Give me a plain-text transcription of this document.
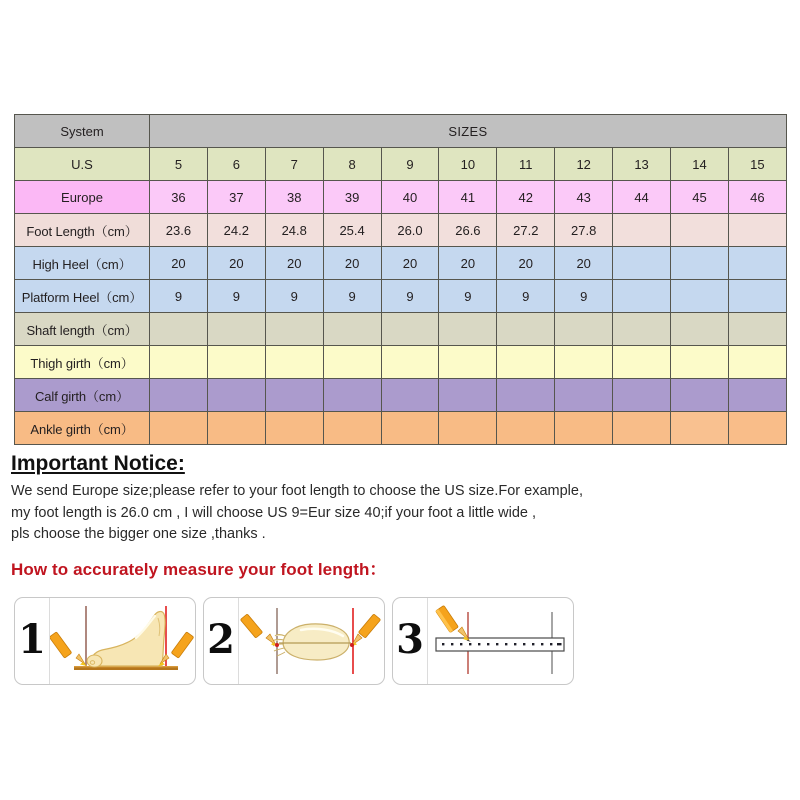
System	SIZES										
U.S	5	6	7	8	9	10	11	12	13	14	15
Europe	36	37	38	39	40	41	42	43	44	45	46
Foot Length（cm）	23.6	24.2	24.8	25.4	26.0	26.6	27.2	27.8			
High Heel（cm）	20	20	20	20	20	20	20	20			
Platform Heel（cm）	9	9	9	9	9	9	9	9			
Shaft length（cm）											
Thigh girth（cm）											
Calf girth（cm）											
Ankle girth（cm）											
Important Notice:
We send Europe size;please refer to your foot length to choose the US size.For example,
my foot length is 26.0 cm , I will choose US 9=Eur size 40;if your foot a little wide ,
pls choose the bigger one size ,thanks .
How to accurately measure your foot length：
1	2	3
